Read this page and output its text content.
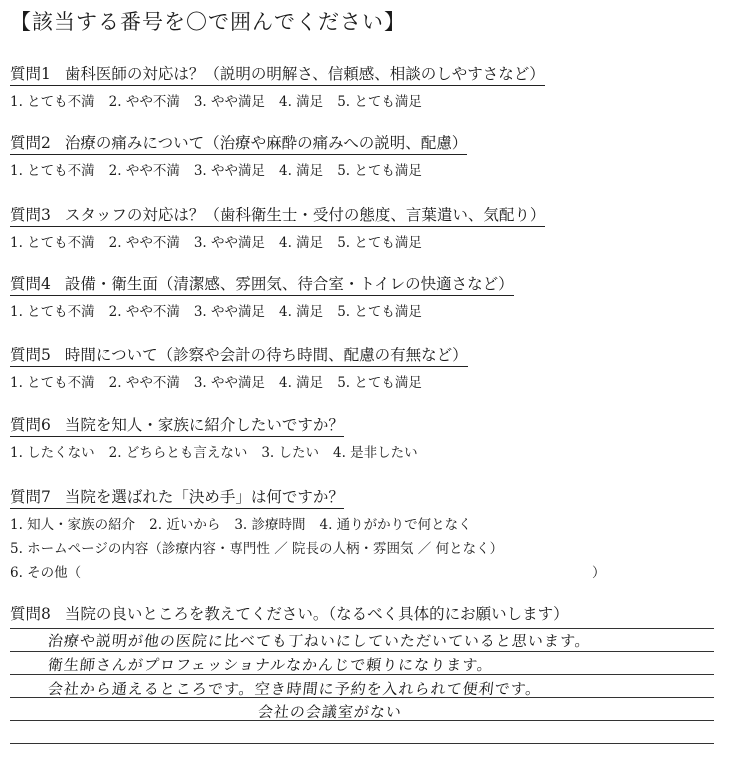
【該当する番号を〇で囲んでください】
質問1 歯科医師の対応は？（説明の明解さ、信頼感、相談のしやすさなど）
1. とても不満 2. やや不満 3. やや満足 4. 満足 5. とても満足
質問2 治療の痛みについて（治療や麻酔の痛みへの説明、配慮）
1. とても不満 2. やや不満 3. やや満足 4. 満足 5. とても満足
質問3 スタッフの対応は？（歯科衛生士・受付の態度、言葉遣い、気配り）
1. とても不満 2. やや不満 3. やや満足 4. 満足 5. とても満足
質問4 設備・衛生面（清潔感、雰囲気、待合室・トイレの快適さなど）
1. とても不満 2. やや不満 3. やや満足 4. 満足 5. とても満足
質問5 時間について（診察や会計の待ち時間、配慮の有無など）
1. とても不満 2. やや不満 3. やや満足 4. 満足 5. とても満足
質問6 当院を知人・家族に紹介したいですか？
1. したくない 2. どちらとも言えない 3. したい 4. 是非したい
質問7 当院を選ばれた「決め手」は何ですか？
1. 知人・家族の紹介 2. 近いから 3. 診療時間 4. 通りがかりで何となく
5. ホームページの内容（診療内容・専門性 ／ 院長の人柄・雰囲気 ／ 何となく）
6. その他（	）
質問8 当院の良いところを教えてください。（なるべく具体的にお願いします）
治療や説明が他の医院に比べても丁ねいにしていただいていると思います。
衛生師さんがプロフェッショナルなかんじで頼りになります。
会社から通えるところです。空き時間に予約を入れられて便利です。
会社の会議室がない
